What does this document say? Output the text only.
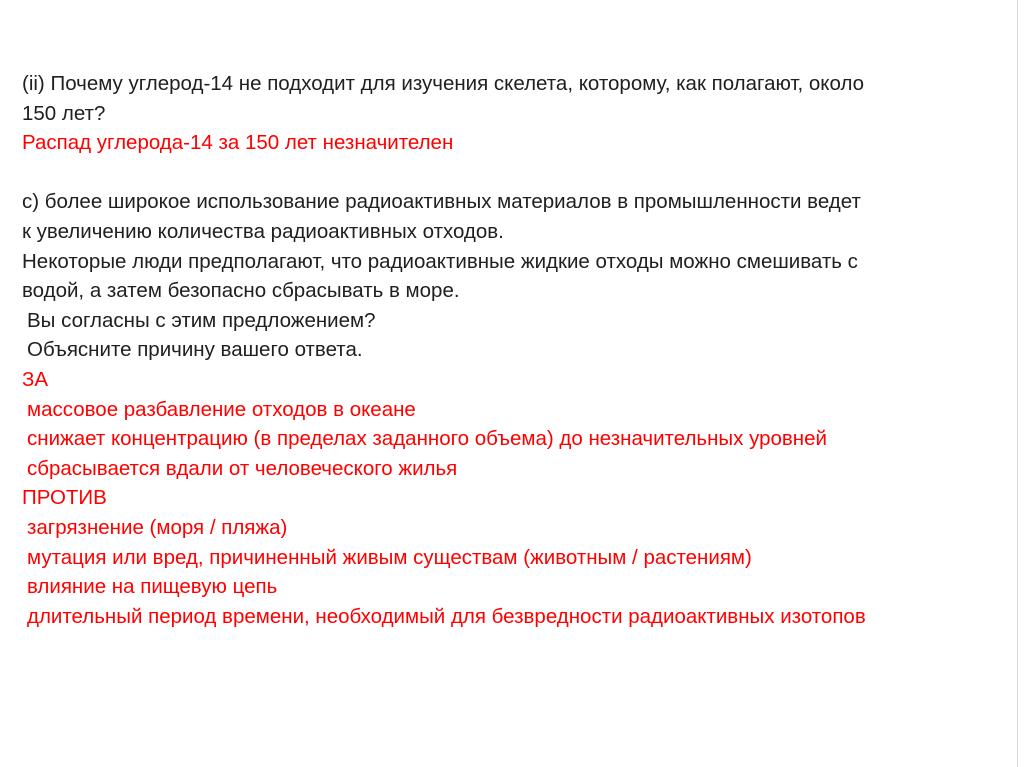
(ii) Почему углерод-14 не подходит для изучения скелета, которому, как полагают, около

150 лет?

Распад углерода-14 за 150 лет незначителен

c) более широкое использование радиоактивных материалов в промышленности ведет

к увеличению количества радиоактивных отходов.

Некоторые люди предполагают, что радиоактивные жидкие отходы можно смешивать с

водой, а затем безопасно сбрасывать в море.

Вы согласны с этим предложением?

Объясните причину вашего ответа.

ЗА

массовое разбавление отходов в океане

снижает концентрацию (в пределах заданного объема) до незначительных уровней

сбрасывается вдали от человеческого жилья

ПРОТИВ

загрязнение (моря / пляжа)

мутация или вред, причиненный живым существам (животным / растениям)

влияние на пищевую цепь

длительный период времени, необходимый для безвредности радиоактивных изотопов
